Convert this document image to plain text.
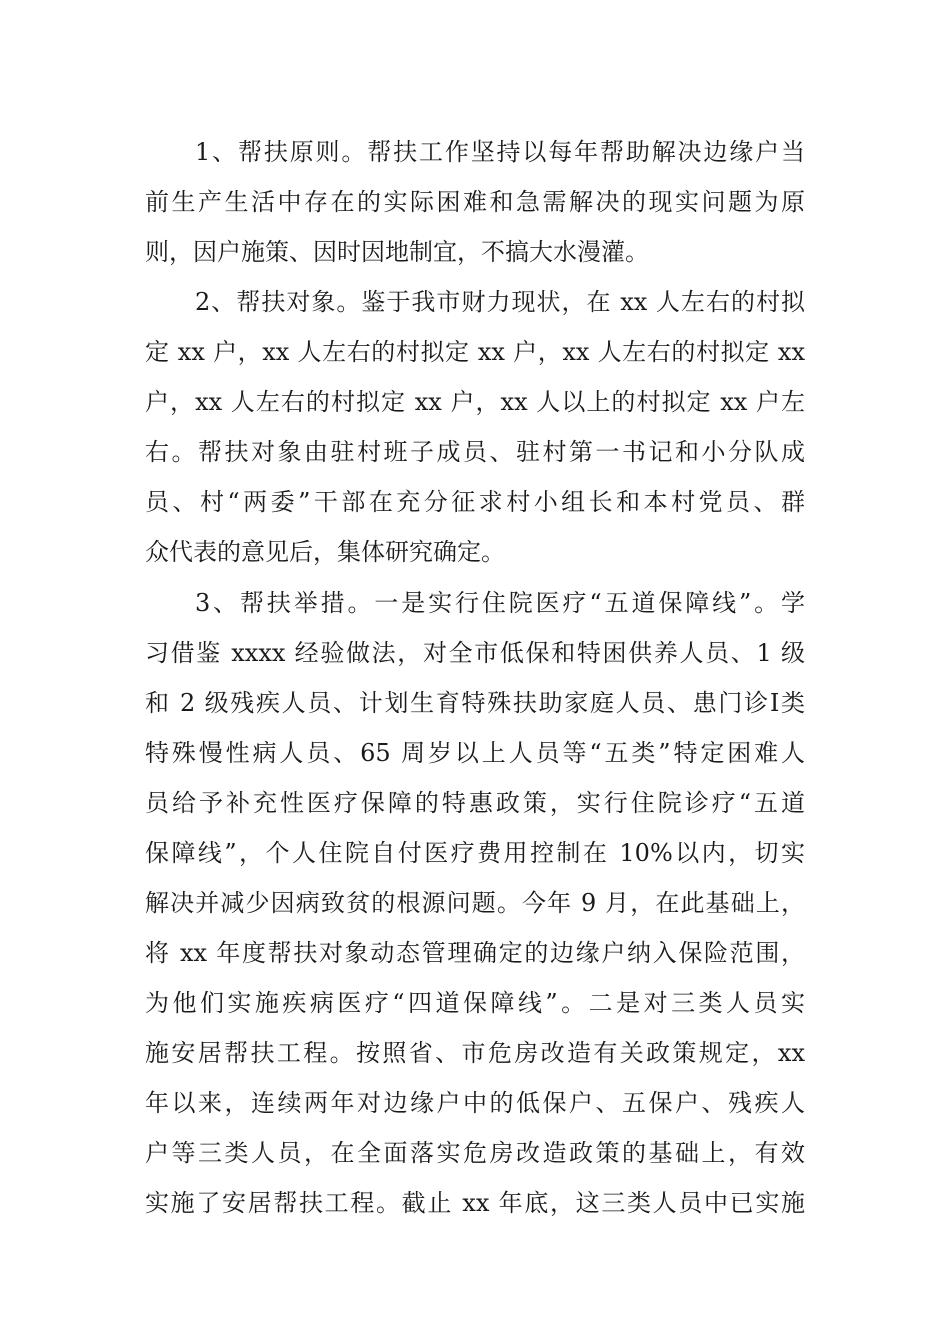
1、帮扶原则。帮扶工作坚持以每年帮助解决边缘户当
前生产生活中存在的实际困难和急需解决的现实问题为原
则，因户施策、因时因地制宜，不搞大水漫灌。
2、帮扶对象。鉴于我市财力现状，在 xx 人左右的村拟
定 xx 户，xx 人左右的村拟定 xx 户，xx 人左右的村拟定 xx
户，xx 人左右的村拟定 xx 户，xx 人以上的村拟定 xx 户左
右。帮扶对象由驻村班子成员、驻村第一书记和小分队成
员、村“两委”干部在充分征求村小组长和本村党员、群
众代表的意见后，集体研究确定。
3、帮扶举措。一是实行住院医疗“五道保障线”。学
习借鉴 xxxx 经验做法，对全市低保和特困供养人员、1 级
和 2 级残疾人员、计划生育特殊扶助家庭人员、患门诊Ⅰ类
特殊慢性病人员、65 周岁以上人员等“五类”特定困难人
员给予补充性医疗保障的特惠政策，实行住院诊疗“五道
保障线”，个人住院自付医疗费用控制在 10%以内，切实
解决并减少因病致贫的根源问题。今年 9 月，在此基础上，
将 xx 年度帮扶对象动态管理确定的边缘户纳入保险范围，
为他们实施疾病医疗“四道保障线”。二是对三类人员实
施安居帮扶工程。按照省、市危房改造有关政策规定，xx
年以来，连续两年对边缘户中的低保户、五保户、残疾人
户等三类人员，在全面落实危房改造政策的基础上，有效
实施了安居帮扶工程。截止 xx 年底，这三类人员中已实施
